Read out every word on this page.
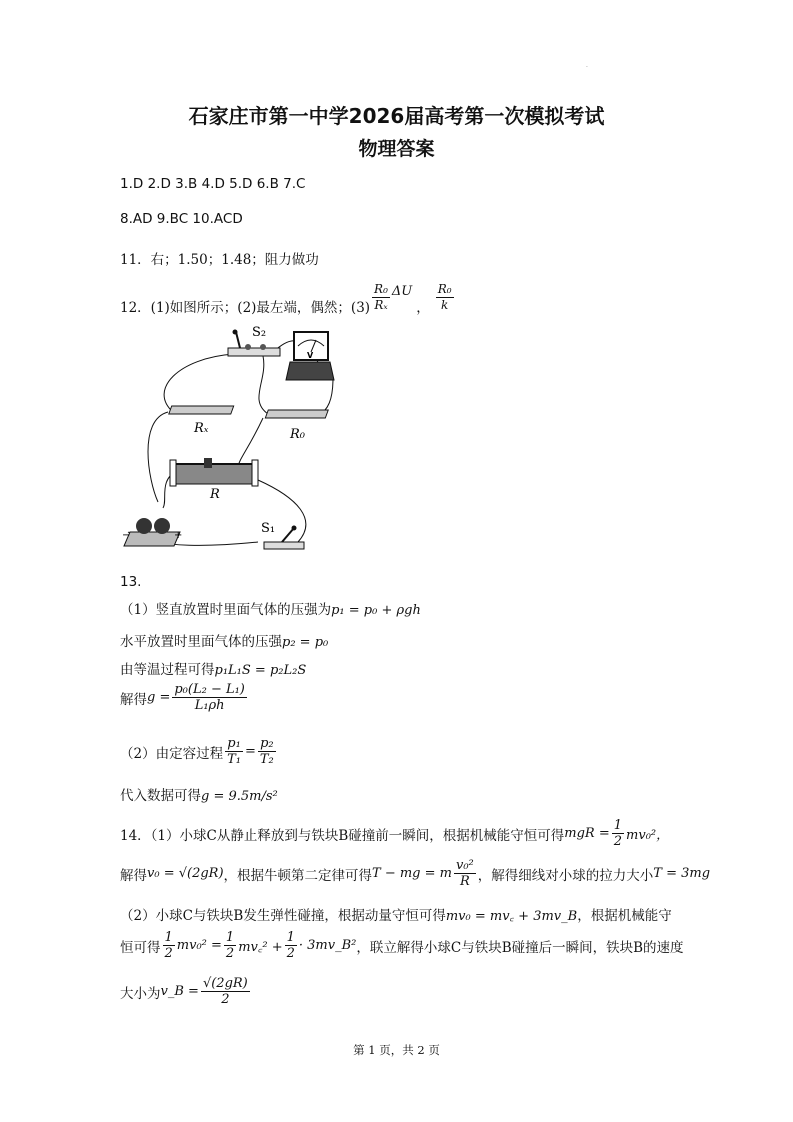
·
石家庄市第一中学2026届高考第一次模拟考试
物理答案
1.D 2.D 3.B 4.D 5.D 6.B 7.C
8.AD 9.BC 10.ACD
11．右；1.50；1.48；阻力做功
12．(1)如图所示；(2)最左端，偶然；$(3) \frac{\text{R₀}}{\text{Rₓ}}$ ΔU
， $\frac{\text{R₀}}{k}$
S₂
V
Rₓ	R₀
R
−	+	S₁
13.
（1）竖直放置时里面气体的压强为p₁ = p₀ + ρgh
水平放置时里面气体的压强p₂ = p₀
由等温过程可得p₁L₁S = p₂L₂S
解得 $g = \frac{\text{p₀(L₂ − L₁)}}{\text{L₁ρh}}$
（2）由定容过程 $\frac{\text{p₁}}{\text{T₁}} = \frac{\text{p₂}}{\text{T₂}}$
代入数据可得g = 9.5m/s²
14．（1）小球C从静止释放到与铁块B碰撞前一瞬间，根据机械能守恒可得 mgR = $\frac{1}{2} mv_0^2$，
解得 v₀ = √(2gR) ，根据牛顿第二定律可得 T − mg = m $\frac{\text{v₀²}}{R}$ ，解得细线对小球的拉力大小 T = 3mg
（2）小球C与铁块B发生弹性碰撞，根据动量守恒可得mv₀ = mv꜀ + 3mv_B，根据机械能守
恒可得 $\frac{1}{2} mv_0^2 = \frac{1}{2}$ mv꜀² + $\frac{1}{2}$ · 3mv_B² ，联立解得小球C与铁块B碰撞后一瞬间，铁块B的速度
大小为 v_B = $\frac{√(2gR)}{2}$
第 1 页，共 2 页
